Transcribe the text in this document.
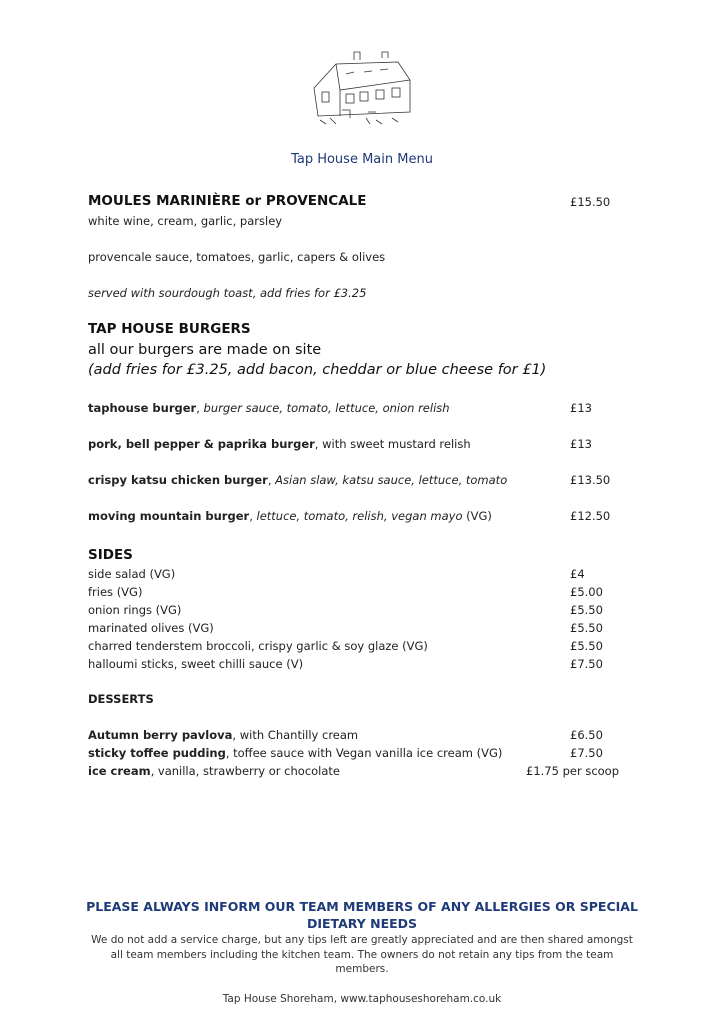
Tap House Main Menu
MOULES MARINIÈRE or PROVENCALE	£15.50
white wine, cream, garlic, parsley
provencale sauce, tomatoes, garlic, capers & olives
served with sourdough toast, add fries for £3.25
TAP HOUSE BURGERS
all our burgers are made on site
(add fries for £3.25, add bacon, cheddar or blue cheese for £1)
taphouse burger, burger sauce, tomato, lettuce, onion relish	£13
pork, bell pepper & paprika burger, with sweet mustard relish	£13
crispy katsu chicken burger, Asian slaw, katsu sauce, lettuce, tomato	£13.50
moving mountain burger, lettuce, tomato, relish, vegan mayo (VG)	£12.50
SIDES
side salad (VG)	£4
fries (VG)	£5.00
onion rings (VG)	£5.50
marinated olives (VG)	£5.50
charred tenderstem broccoli, crispy garlic & soy glaze (VG)	£5.50
halloumi sticks, sweet chilli sauce (V)	£7.50
DESSERTS
Autumn berry pavlova, with Chantilly cream	£6.50
sticky toffee pudding, toffee sauce with Vegan vanilla ice cream (VG)	£7.50
ice cream, vanilla, strawberry or chocolate	£1.75 per scoop
PLEASE ALWAYS INFORM OUR TEAM MEMBERS OF ANY ALLERGIES OR SPECIAL DIETARY NEEDS
We do not add a service charge, but any tips left are greatly appreciated and are then shared amongst all team members including the kitchen team. The owners do not retain any tips from the team members.
Tap House Shoreham, www.taphouseshoreham.co.uk
